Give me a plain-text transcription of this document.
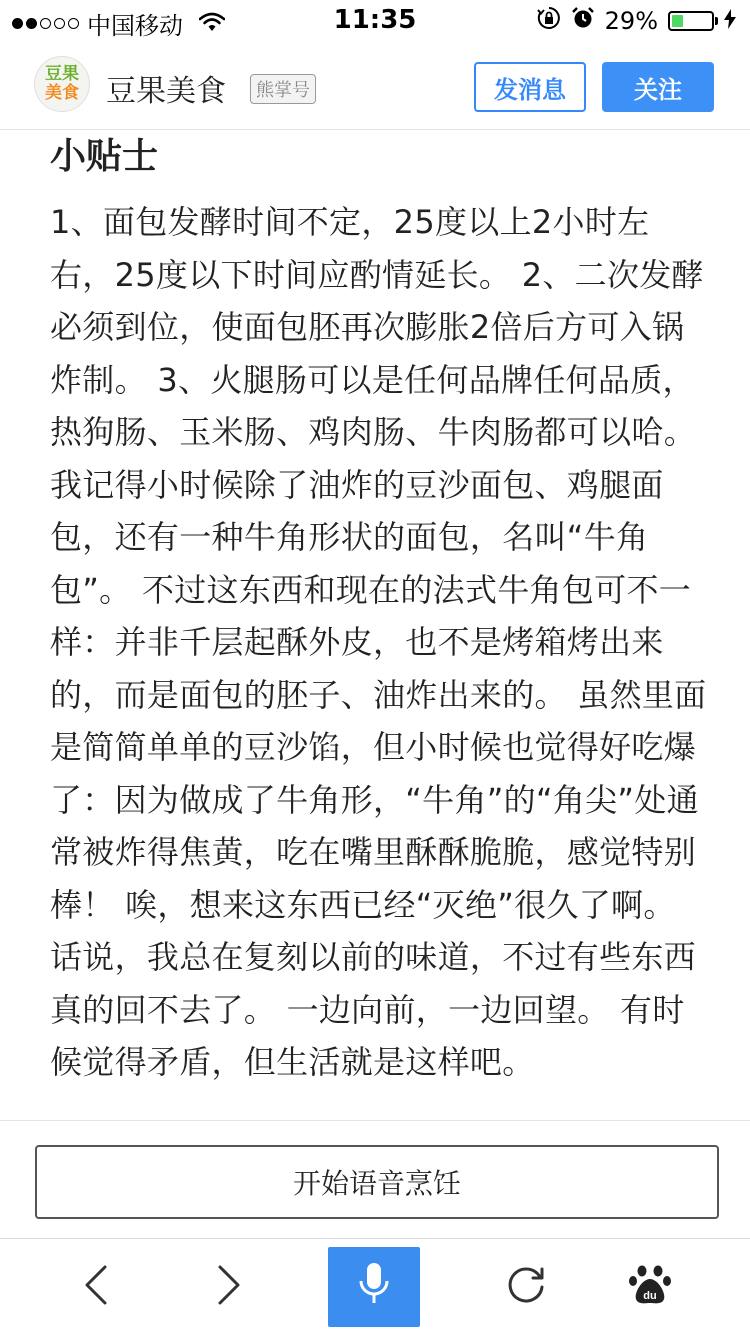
中国移动	11:35	29%
豆果
美食 豆果美食	熊掌号	发消息	关注
小贴士
1、面包发酵时间不定，25度以上2小时左右，25度以下时间应酌情延长。 2、二次发酵必须到位，使面包胚再次膨胀2倍后方可入锅炸制。 3、火腿肠可以是任何品牌任何品质，热狗肠、玉米肠、鸡肉肠、牛肉肠都可以哈。 我记得小时候除了油炸的豆沙面包、鸡腿面包，还有一种牛角形状的面包，名叫“牛角包”。 不过这东西和现在的法式牛角包可不一样：并非千层起酥外皮，也不是烤箱烤出来的，而是面包的胚子、油炸出来的。 虽然里面是简简单单的豆沙馅，但小时候也觉得好吃爆了：因为做成了牛角形，“牛角”的“角尖”处通常被炸得焦黄，吃在嘴里酥酥脆脆，感觉特别棒！ 唉，想来这东西已经“灭绝”很久了啊。 话说，我总在复刻以前的味道，不过有些东西真的回不去了。 一边向前，一边回望。 有时候觉得矛盾，但生活就是这样吧。
开始语音烹饪
du
